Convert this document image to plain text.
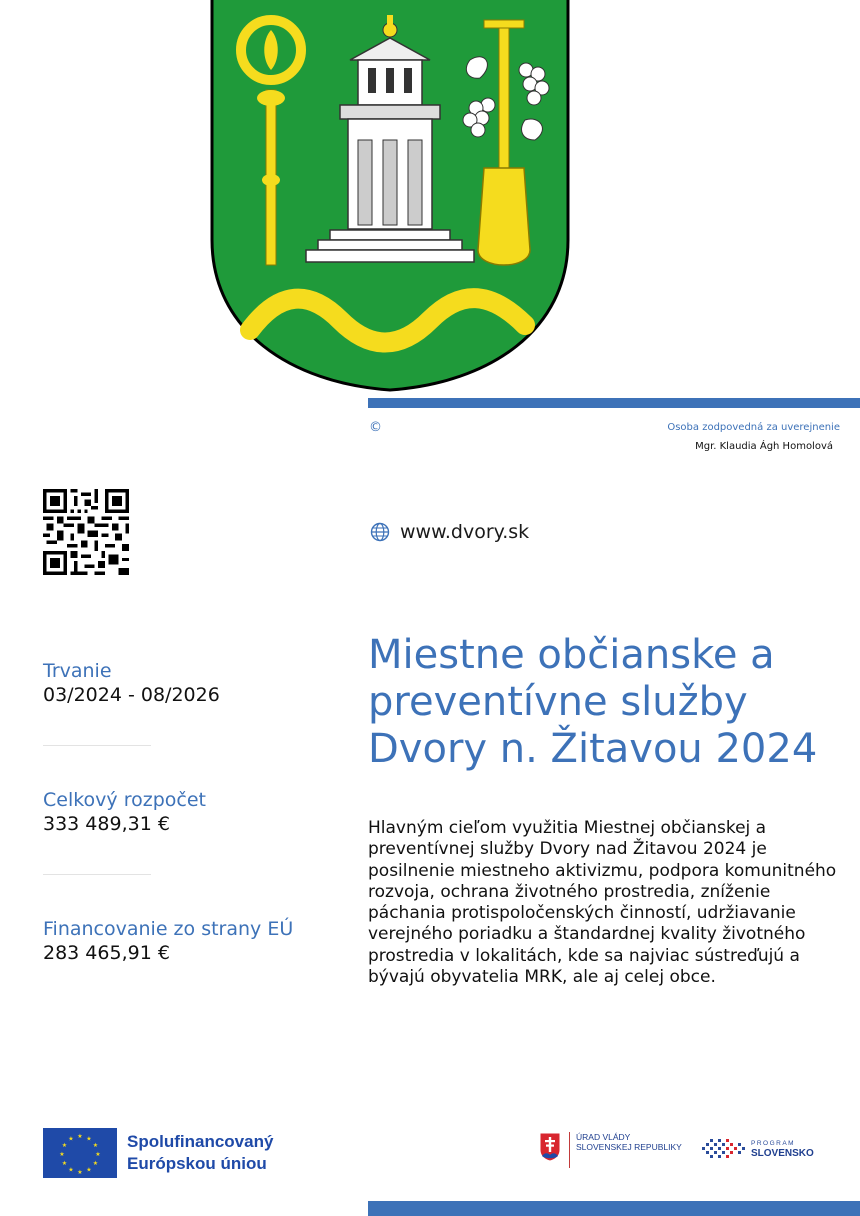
©	Osoba zodpovedná za uverejnenie
Mgr. Klaudia Ágh Homolová
www.dvory.sk
Trvanie
03/2024 - 08/2026
Celkový rozpočet
333 489,31 €
Financovanie zo strany EÚ
283 465,91 €
Miestne občianske a preventívne služby Dvory n. Žitavou 2024
Hlavným cieľom využitia Miestnej občianskej a preventívnej služby Dvory nad Žitavou 2024 je posilnenie miestneho aktivizmu, podpora komunitného rozvoja, ochrana životného prostredia, zníženie páchania protispoločenských činností, udržiavanie verejného poriadku a štandardnej kvality životného prostredia v lokalitách, kde sa najviac sústreďujú a bývajú obyvatelia MRK, ale aj celej obce.
★ ★
★
★
★
★
★
★
★
★
★
★	Spolufinancovaný
Európskou úniou
ÚRAD VLÁDY
SLOVENSKEJ REPUBLIKY	PROGRAM
SLOVENSKO
